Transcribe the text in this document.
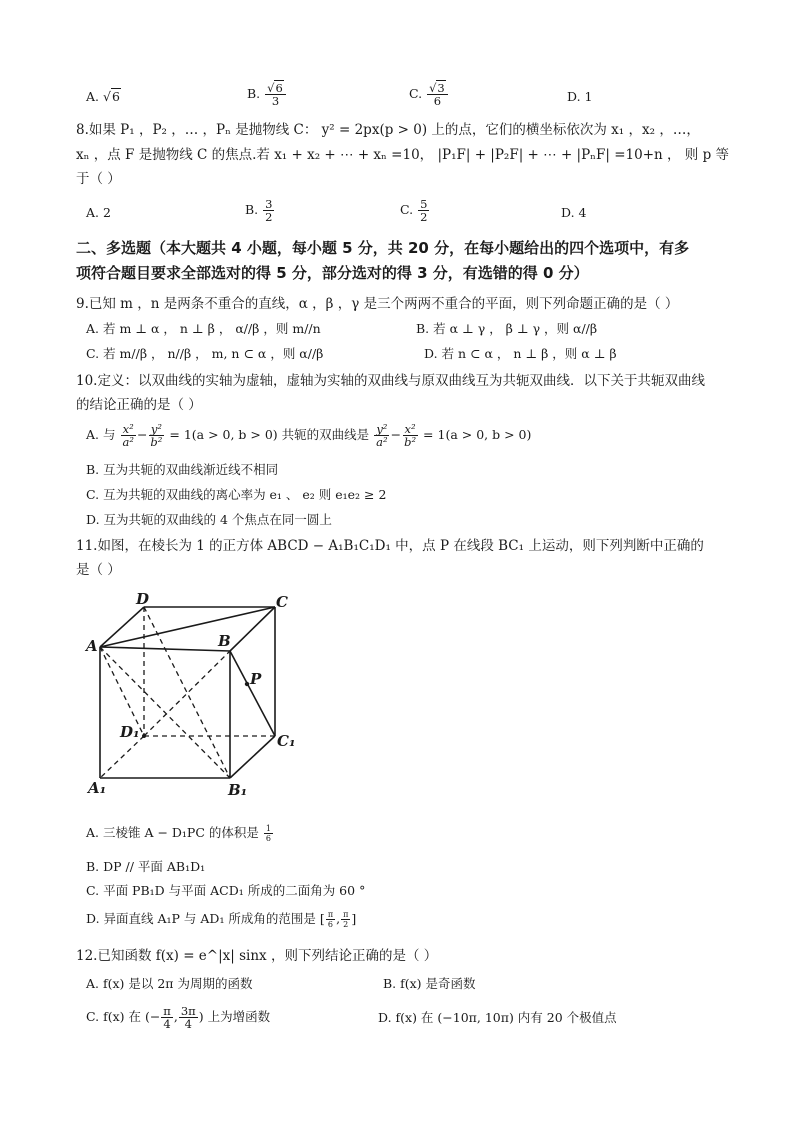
A. √6	B. $\frac{√6}{3}$	C. $\frac{√3}{6}$	D. 1
8.如果 P₁ ，P₂ ，… ，Pₙ 是抛物线 C： y² = 2px(p > 0) 上的点，它们的横坐标依次为 x₁ ，x₂ ，…，
xₙ ，点 F 是抛物线 C 的焦点.若 x₁ + x₂ + ⋯ + xₙ =10， |P₁F| + |P₂F| + ⋯ + |PₙF| =10+n ， 则 p 等
于（ ）
A. 2	B. $\frac{3}{2}$	C. $\frac{5}{2}$	D. 4
二、多选题（本大题共 4 小题，每小题 5 分，共 20 分，在每小题给出的四个选项中，有多
项符合题目要求全部选对的得 5 分，部分选对的得 3 分，有选错的得 0 分）
9.已知 m ，n 是两条不重合的直线，α ，β ，γ 是三个两两不重合的平面，则下列命题正确的是（ ）
A. 若 m ⊥ α ， n ⊥ β ， α//β ，则 m//n	B. 若 α ⊥ γ ， β ⊥ γ ，则 α//β
C. 若 m//β ， n//β ， m, n ⊂ α ，则 α//β	D. 若 n ⊂ α ， n ⊥ β ，则 α ⊥ β
10.定义：以双曲线的实轴为虚轴，虚轴为实轴的双曲线与原双曲线互为共轭双曲线．以下关于共轭双曲线
的结论正确的是（ ）
A. 与 $\frac{\text{x²}}{\text{a²}} - \frac{\text{y²}}{\text{b²}} = 1(a > 0$, b > 0) 共轭的双曲线是 $\frac{\text{y²}}{\text{a²}} - \frac{\text{x²}}{\text{b²}} = 1(a > 0$, b > 0)
B. 互为共轭的双曲线渐近线不相同
C. 互为共轭的双曲线的离心率为 e₁ 、 e₂ 则 e₁e₂ ≥ 2
D. 互为共轭的双曲线的 4 个焦点在同一圆上
11.如图，在棱长为 1 的正方体 ABCD − A₁B₁C₁D₁ 中，点 P 在线段 BC₁ 上运动，则下列判断中正确的
是（ ）
D	C
A	B
P
D₁	C₁
A₁	B₁
A. 三棱锥 A − D₁PC 的体积是 $\frac{1}{6}$
B. DP // 平面 AB₁D₁
C. 平面 PB₁D 与平面 ACD₁ 所成的二面角为 60 °
D. 异面直线 A₁P 与 AD₁ 所成角的范围是 [ $\frac{\pi}{6}$ , $\frac{\pi}{2}$ ]
12.已知函数 f(x) = e^|x| sinx ，则下列结论正确的是（ ）
A. f(x) 是以 2π 为周期的函数	B. f(x) 是奇函数
C. f(x) 在 (− $\frac{\pi}{4}$ , $\frac{3\pi}{4}$ ) 上为增函数	D. f(x) 在 (−10π, 10π) 内有 20 个极值点
